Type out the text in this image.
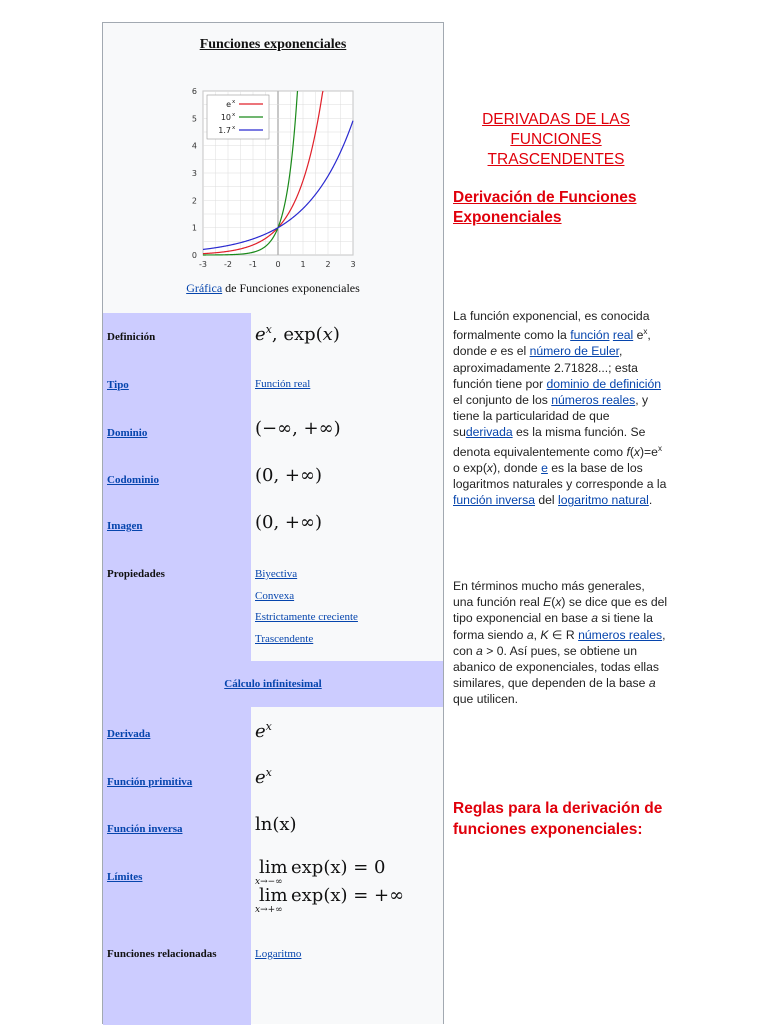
Funciones exponenciales
0
1
2
3
4
5
6
-3 -2 -1 0 1 2 3
e x
10 x
1.7 x
Gráfica de Funciones exponenciales
Definición	$e^x$, exp(x)
Tipo	Función real
Dominio	(−∞, +∞)
Codominio	(0, +∞)
Imagen	(0, +∞)
Propiedades	Biyectiva
Convexa
Estrictamente creciente
Trascendente
Cálculo infinitesimal
Derivada	$e^x$
Función primitiva	$e^x$
Función inversa	ln(x)
Límites	lim exp(x) = 0
x→−∞
lim exp(x) = +∞
x→+∞
Funciones relacionadas	Logaritmo

DERIVADAS DE LAS FUNCIONES TRASCENDENTES

Derivación de Funciones Exponenciales

La función exponencial, es conocida formalmente como la función real $e^x$, donde e es el número de Euler, aproximadamente 2.71828...; esta función tiene por dominio de definición el conjunto de los números reales, y tiene la particularidad de que suderivada es la misma función. Se denota equivalentemente como $f(x)=e^x$ o exp(x), donde e es la base de los logaritmos naturales y corresponde a la función inversa del logaritmo natural.
En términos mucho más generales, una función real E(x) se dice que es del tipo exponencial en base a si tiene la forma siendo a, K ∈ R números reales, con a > 0. Así pues, se obtiene un abanico de exponenciales, todas ellas similares, que dependen de la base a que utilicen.
Reglas para la derivación de funciones exponenciales:
